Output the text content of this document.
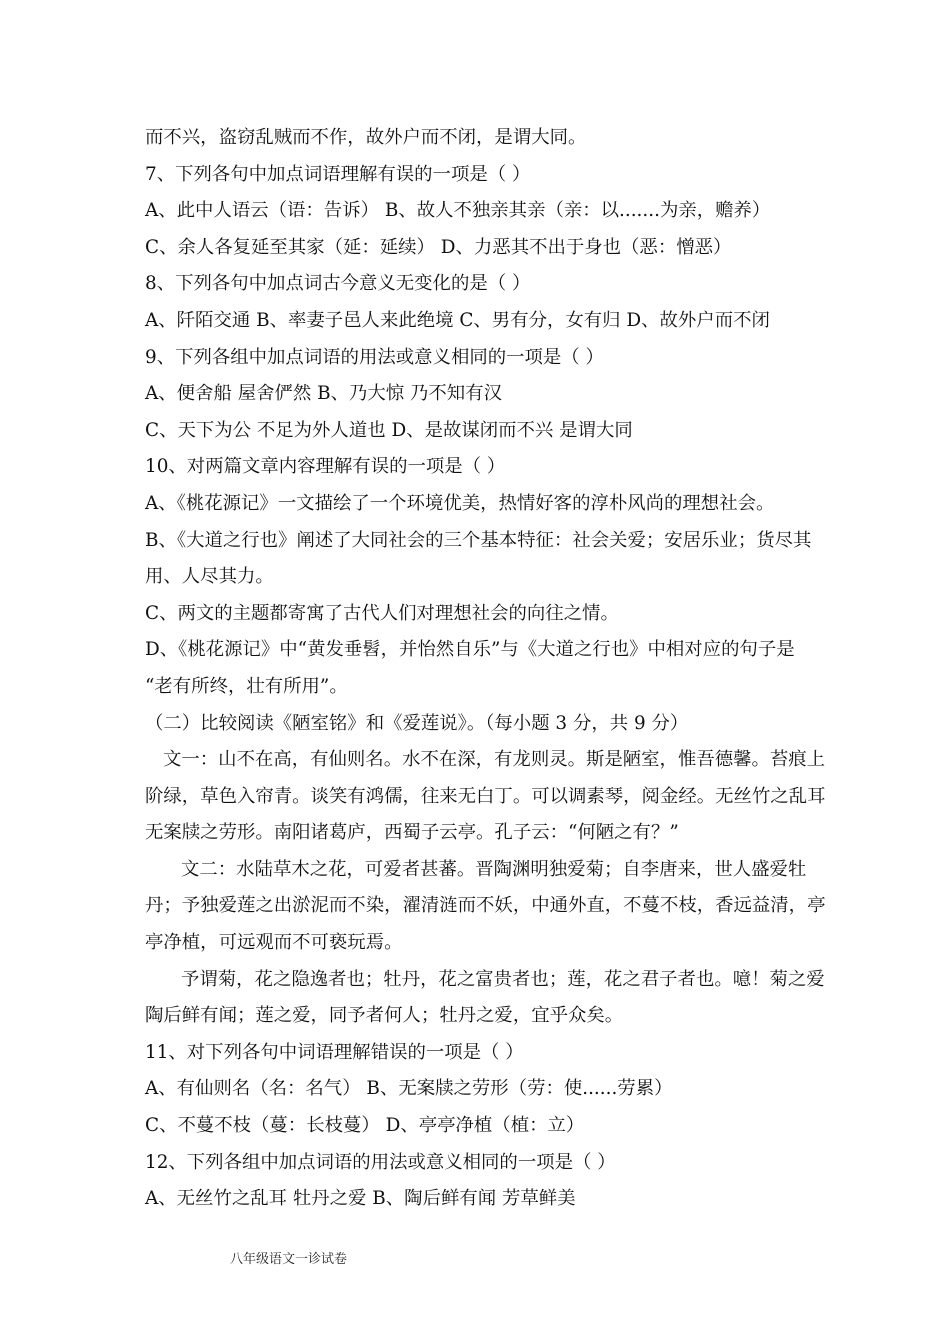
而不兴，盗窃乱贼而不作，故外户而不闭，是谓大同。
7、下列各句中加点词语理解有误的一项是（ ）
A、此中人语云（语：告诉） B、故人不独亲其亲（亲：以.......为亲，赡养）
C、余人各复延至其家（延：延续） D、力恶其不出于身也（恶：憎恶）
8、下列各句中加点词古今意义无变化的是（ ）
A、阡陌交通 B、率妻子邑人来此绝境 C、男有分，女有归 D、故外户而不闭
9、下列各组中加点词语的用法或意义相同的一项是（ ）
A、便舍船 屋舍俨然 B、乃大惊 乃不知有汉
C、天下为公 不足为外人道也 D、是故谋闭而不兴 是谓大同
10、对两篇文章内容理解有误的一项是（ ）
A、《桃花源记》一文描绘了一个环境优美，热情好客的淳朴风尚的理想社会。
B、《大道之行也》阐述了大同社会的三个基本特征：社会关爱；安居乐业；货尽其
用、人尽其力。
C、两文的主题都寄寓了古代人们对理想社会的向往之情。
D、《桃花源记》中“黄发垂髫，并怡然自乐”与《大道之行也》中相对应的句子是
“老有所终，壮有所用”。
（二）比较阅读《陋室铭》和《爱莲说》。（每小题 3 分，共 9 分）
文一：山不在高，有仙则名。水不在深，有龙则灵。斯是陋室，惟吾德馨。苔痕上
阶绿，草色入帘青。谈笑有鸿儒，往来无白丁。可以调素琴，阅金经。无丝竹之乱耳
无案牍之劳形。南阳诸葛庐，西蜀子云亭。孔子云：“何陋之有？”
文二：水陆草木之花，可爱者甚蕃。晋陶渊明独爱菊；自李唐来，世人盛爱牡
丹；予独爱莲之出淤泥而不染，濯清涟而不妖，中通外直，不蔓不枝，香远益清，亭
亭净植，可远观而不可亵玩焉。
予谓菊，花之隐逸者也；牡丹，花之富贵者也；莲，花之君子者也。噫！菊之爱
陶后鲜有闻；莲之爱，同予者何人；牡丹之爱，宜乎众矣。
11、对下列各句中词语理解错误的一项是（ ）
A、有仙则名（名：名气） B、无案牍之劳形（劳：使......劳累）
C、不蔓不枝（蔓：长枝蔓） D、亭亭净植（植：立）
12、下列各组中加点词语的用法或意义相同的一项是（ ）
A、无丝竹之乱耳 牡丹之爱 B、陶后鲜有闻 芳草鲜美
八年级语文一诊试卷
